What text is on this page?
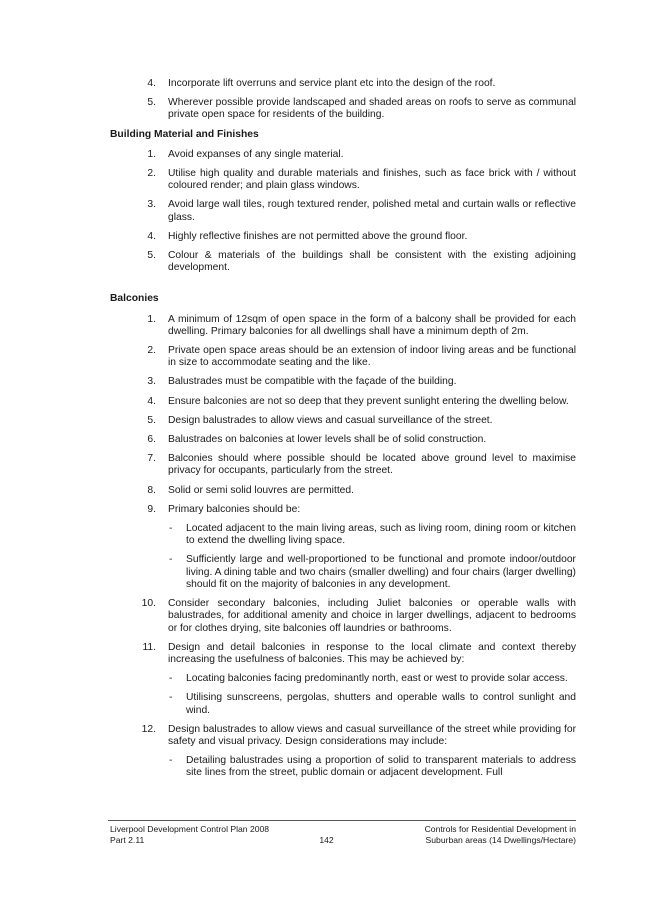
4. Incorporate lift overruns and service plant etc into the design of the roof.
5. Wherever possible provide landscaped and shaded areas on roofs to serve as communal private open space for residents of the building.
Building Material and Finishes
1. Avoid expanses of any single material.
2. Utilise high quality and durable materials and finishes, such as face brick with / without coloured render; and plain glass windows.
3. Avoid large wall tiles, rough textured render, polished metal and curtain walls or reflective glass.
4. Highly reflective finishes are not permitted above the ground floor.
5. Colour & materials of the buildings shall be consistent with the existing adjoining development.
Balconies
1. A minimum of 12sqm of open space in the form of a balcony shall be provided for each dwelling. Primary balconies for all dwellings shall have a minimum depth of 2m.
2. Private open space areas should be an extension of indoor living areas and be functional in size to accommodate seating and the like.
3. Balustrades must be compatible with the façade of the building.
4. Ensure balconies are not so deep that they prevent sunlight entering the dwelling below.
5. Design balustrades to allow views and casual surveillance of the street.
6. Balustrades on balconies at lower levels shall be of solid construction.
7. Balconies should where possible should be located above ground level to maximise privacy for occupants, particularly from the street.
8. Solid or semi solid louvres are permitted.
9. Primary balconies should be:
- Located adjacent to the main living areas, such as living room, dining room or kitchen to extend the dwelling living space.
- Sufficiently large and well-proportioned to be functional and promote indoor/outdoor living. A dining table and two chairs (smaller dwelling) and four chairs (larger dwelling) should fit on the majority of balconies in any development.
10. Consider secondary balconies, including Juliet balconies or operable walls with balustrades, for additional amenity and choice in larger dwellings, adjacent to bedrooms or for clothes drying, site balconies off laundries or bathrooms.
11. Design and detail balconies in response to the local climate and context thereby increasing the usefulness of balconies. This may be achieved by:
- Locating balconies facing predominantly north, east or west to provide solar access.
- Utilising sunscreens, pergolas, shutters and operable walls to control sunlight and wind.
12. Design balustrades to allow views and casual surveillance of the street while providing for safety and visual privacy. Design considerations may include:
- Detailing balustrades using a proportion of solid to transparent materials to address site lines from the street, public domain or adjacent development. Full
Liverpool Development Control Plan 2008
Part 2.11	142
Controls for Residential Development in
Suburban areas (14 Dwellings/Hectare)
